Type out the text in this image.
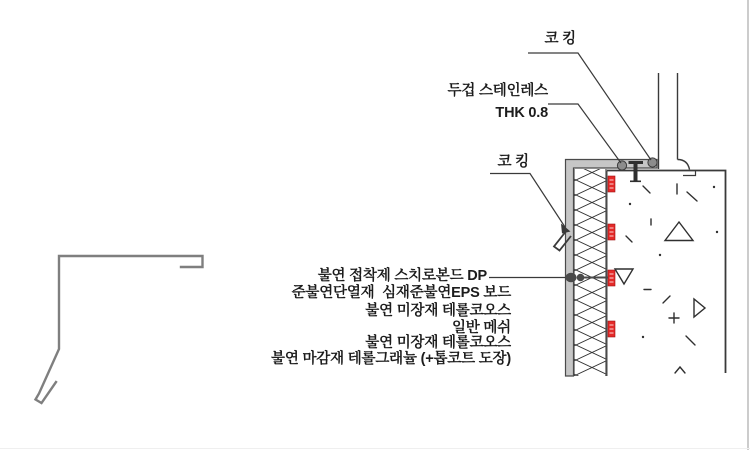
코 킹
두겁 스테인레스
THK 0.8
코 킹
불연 접착제 스치로본드 DP
준불연단열재  심재준불연EPS 보드
불연 미장재 테롤코오스
일반 메쉬
불연 미장재 테롤코오스
불연 마감재 테롤그래뉼 (+톱코트 도장)
